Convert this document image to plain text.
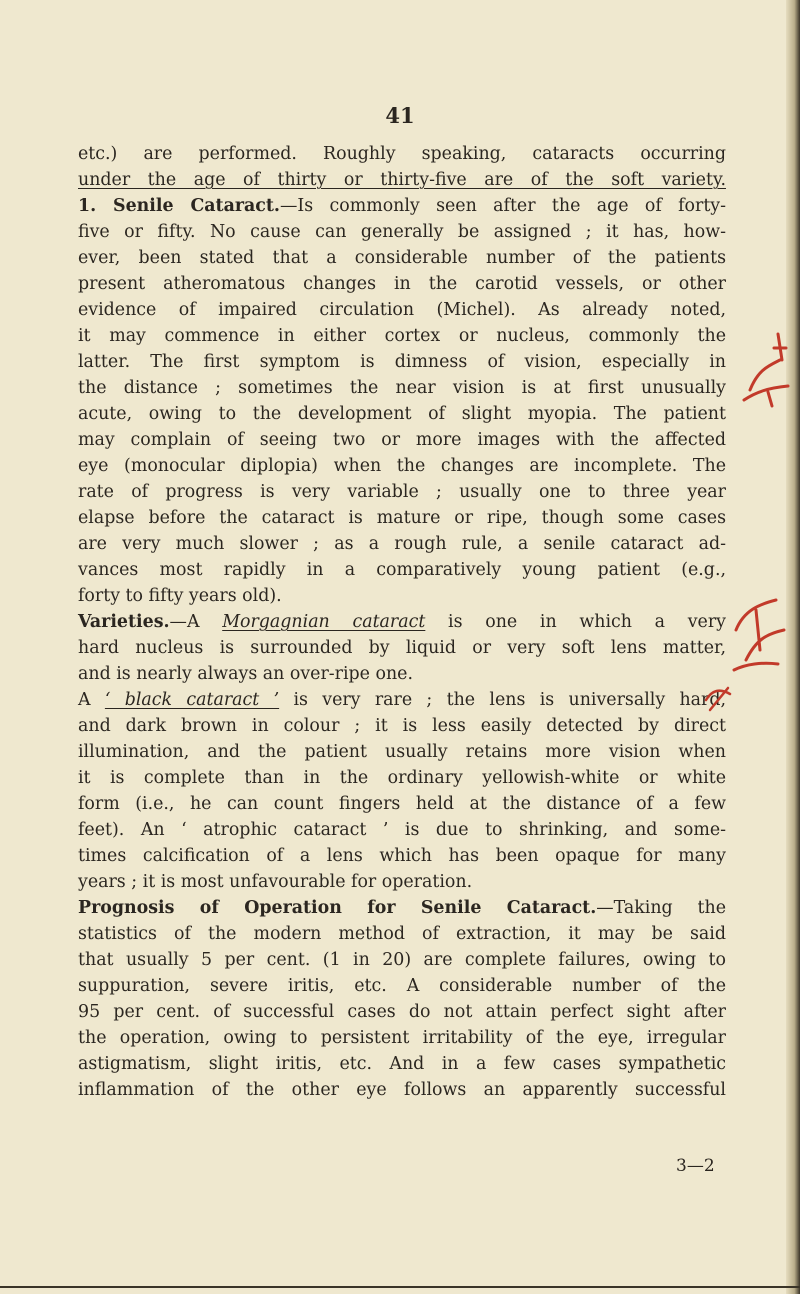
41
etc.) are performed. Roughly speaking, cataracts occurring
under the age of thirty or thirty-five are of the soft variety.
1. Senile Cataract.—Is commonly seen after the age of forty-
five or fifty. No cause can generally be assigned ; it has, how-
ever, been stated that a considerable number of the patients
present atheromatous changes in the carotid vessels, or other
evidence of impaired circulation (Michel). As already noted,
it may commence in either cortex or nucleus, commonly the
latter. The first symptom is dimness of vision, especially in
the distance ; sometimes the near vision is at first unusually
acute, owing to the development of slight myopia. The patient
may complain of seeing two or more images with the affected
eye (monocular diplopia) when the changes are incomplete. The
rate of progress is very variable ; usually one to three year
elapse before the cataract is mature or ripe, though some cases
are very much slower ; as a rough rule, a senile cataract ad-
vances most rapidly in a comparatively young patient (e.g.,
forty to fifty years old).
Varieties.—A Morgagnian cataract is one in which a very
hard nucleus is surrounded by liquid or very soft lens matter,
and is nearly always an over-ripe one.
A ‘ black cataract ’ is very rare ; the lens is universally hard,
and dark brown in colour ; it is less easily detected by direct
illumination, and the patient usually retains more vision when
it is complete than in the ordinary yellowish-white or white
form (i.e., he can count fingers held at the distance of a few
feet). An ‘ atrophic cataract ’ is due to shrinking, and some-
times calcification of a lens which has been opaque for many
years ; it is most unfavourable for operation.
Prognosis of Operation for Senile Cataract.—Taking the
statistics of the modern method of extraction, it may be said
that usually 5 per cent. (1 in 20) are complete failures, owing to
suppuration, severe iritis, etc. A considerable number of the
95 per cent. of successful cases do not attain perfect sight after
the operation, owing to persistent irritability of the eye, irregular
astigmatism, slight iritis, etc. And in a few cases sympathetic
inflammation of the other eye follows an apparently successful
3—2
